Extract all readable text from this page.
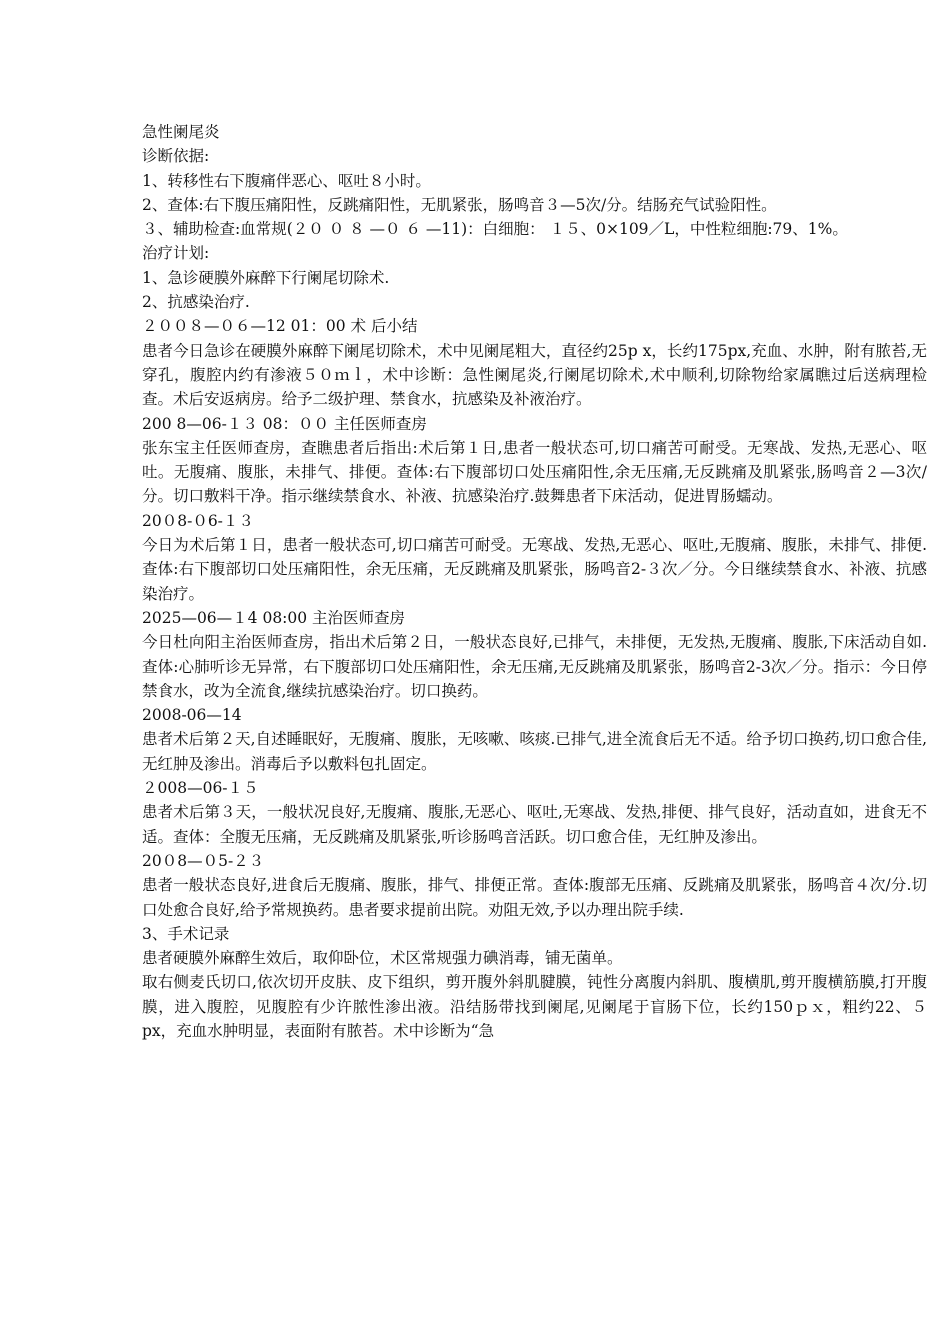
急性阑尾炎
诊断依据:
1、转移性右下腹痛伴恶心、呕吐８小时。
2、查体:右下腹压痛阳性，反跳痛阳性，无肌紧张，肠鸣音３—5次/分。结肠充气试验阳性。
３、辅助检查:血常规(２０ ０ ８ —０ ６ —11)：白细胞： １５、0×109／L，中性粒细胞:79、1%。
治疗计划:
1、急诊硬膜外麻醉下行阑尾切除术.
2、抗感染治疗.
２００８—０６—12 01：00 术 后小结
患者今日急诊在硬膜外麻醉下阑尾切除术，术中见阑尾粗大，直径约25p x，长约175px,充血、水肿，附有脓苔,无穿孔，腹腔内约有渗液５０ｍｌ，术中诊断：急性阑尾炎,行阑尾切除术,术中顺利,切除物给家属瞧过后送病理检查。术后安返病房。给予二级护理、禁食水，抗感染及补液治疗。
200 8—06-１３ 08：００ 主任医师查房
张东宝主任医师查房，查瞧患者后指出:术后第１日,患者一般状态可,切口痛苦可耐受。无寒战、发热,无恶心、呕吐。无腹痛、腹胀，未排气、排便。查体:右下腹部切口处压痛阳性,余无压痛,无反跳痛及肌紧张,肠鸣音２—3次/分。切口敷料干净。指示继续禁食水、补液、抗感染治疗.鼓舞患者下床活动，促进胃肠蠕动。
20０8-０6-１３
今日为术后第１日，患者一般状态可,切口痛苦可耐受。无寒战、发热,无恶心、呕吐,无腹痛、腹胀，未排气、排便.查体:右下腹部切口处压痛阳性，余无压痛，无反跳痛及肌紧张，肠鸣音2-３次／分。今日继续禁食水、补液、抗感染治疗。
2025—06—１4 08:00 主治医师查房
今日杜向阳主治医师查房，指出术后第２日，一般状态良好,已排气，未排便，无发热,无腹痛、腹胀,下床活动自如.查体:心肺听诊无异常，右下腹部切口处压痛阳性，余无压痛,无反跳痛及肌紧张，肠鸣音2-3次／分。指示：今日停禁食水，改为全流食,继续抗感染治疗。切口换药。
2008-06—14
患者术后第２天,自述睡眠好，无腹痛、腹胀，无咳嗽、咳痰.已排气,进全流食后无不适。给予切口换药,切口愈合佳,无红肿及渗出。消毒后予以敷料包扎固定。
２008—06-１５
患者术后第３天，一般状况良好,无腹痛、腹胀,无恶心、呕吐,无寒战、发热,排便、排气良好，活动直如，进食无不适。查体：全腹无压痛，无反跳痛及肌紧张,听诊肠鸣音活跃。切口愈合佳，无红肿及渗出。
20０8—０5-２３
患者一般状态良好,进食后无腹痛、腹胀，排气、排便正常。查体:腹部无压痛、反跳痛及肌紧张，肠鸣音４次/分.切口处愈合良好,给予常规换药。患者要求提前出院。劝阻无效,予以办理出院手续.
3、手术记录
患者硬膜外麻醉生效后，取仰卧位，术区常规强力碘消毒，铺无菌单。
取右侧麦氏切口,依次切开皮肤、皮下组织，剪开腹外斜肌腱膜，钝性分离腹内斜肌、腹横肌,剪开腹横筋膜,打开腹膜，进入腹腔，见腹腔有少许脓性渗出液。沿结肠带找到阑尾,见阑尾于盲肠下位，长约150ｐｘ，粗约22、５px，充血水肿明显，表面附有脓苔。术中诊断为“急
